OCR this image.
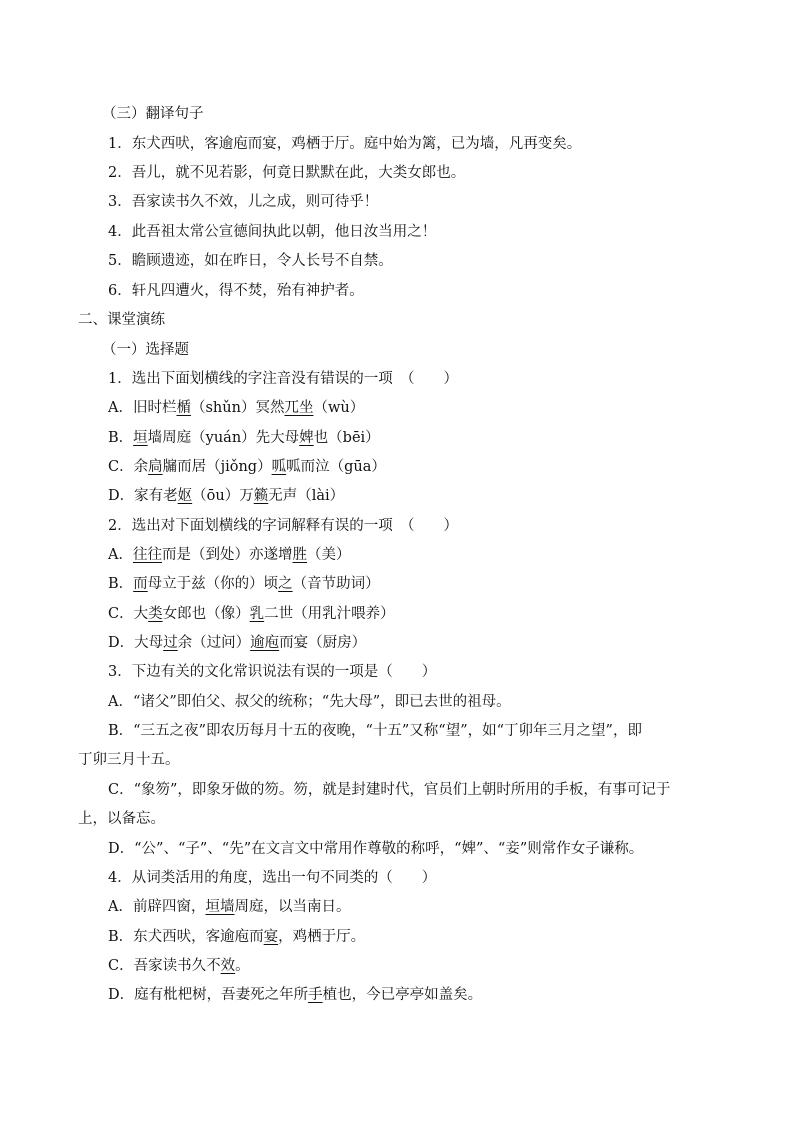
（三）翻译句子
1．东犬西吠，客逾庖而宴，鸡栖于厅。庭中始为篱，已为墙，凡再变矣。
2．吾儿，就不见若影，何竟日默默在此，大类女郎也。
3．吾家读书久不效，儿之成，则可待乎！
4．此吾祖太常公宣德间执此以朝，他日汝当用之！
5．瞻顾遗迹，如在昨日，令人长号不自禁。
6．轩凡四遭火，得不焚，殆有神护者。
二、课堂演练
（一）选择题
1．选出下面划横线的字注音没有错误的一项　（　　）
A．旧时栏楯（shǔn）冥然兀坐（wù）
B．垣墙周庭（yuán）先大母婢也（bēi）
C．余扃牖而居（jiǒng）呱呱而泣（gūa）
D．家有老妪（ōu）万籁无声（lài）
2．选出对下面划横线的字词解释有误的一项　（　　）
A．往往而是（到处）亦遂增胜（美）
B．而母立于兹（你的）顷之（音节助词）
C．大类女郎也（像）乳二世（用乳汁喂养）
D．大母过余（过问）逾庖而宴（厨房）
3．下边有关的文化常识说法有误的一项是（　　）
A．“诸父”即伯父、叔父的统称；“先大母”，即已去世的祖母。
B．“三五之夜”即农历每月十五的夜晚，“十五”又称“望”，如“丁卯年三月之望”，即
丁卯三月十五。
C．“象笏”，即象牙做的笏。笏，就是封建时代，官员们上朝时所用的手板，有事可记于
上，以备忘。
D．“公”、“子”、“先”在文言文中常用作尊敬的称呼，“婢”、“妾”则常作女子谦称。
4．从词类活用的角度，选出一句不同类的（　　）
A．前辟四窗，垣墙周庭，以当南日。
B．东犬西吠，客逾庖而宴，鸡栖于厅。
C．吾家读书久不效。
D．庭有枇杷树，吾妻死之年所手植也，今已亭亭如盖矣。
